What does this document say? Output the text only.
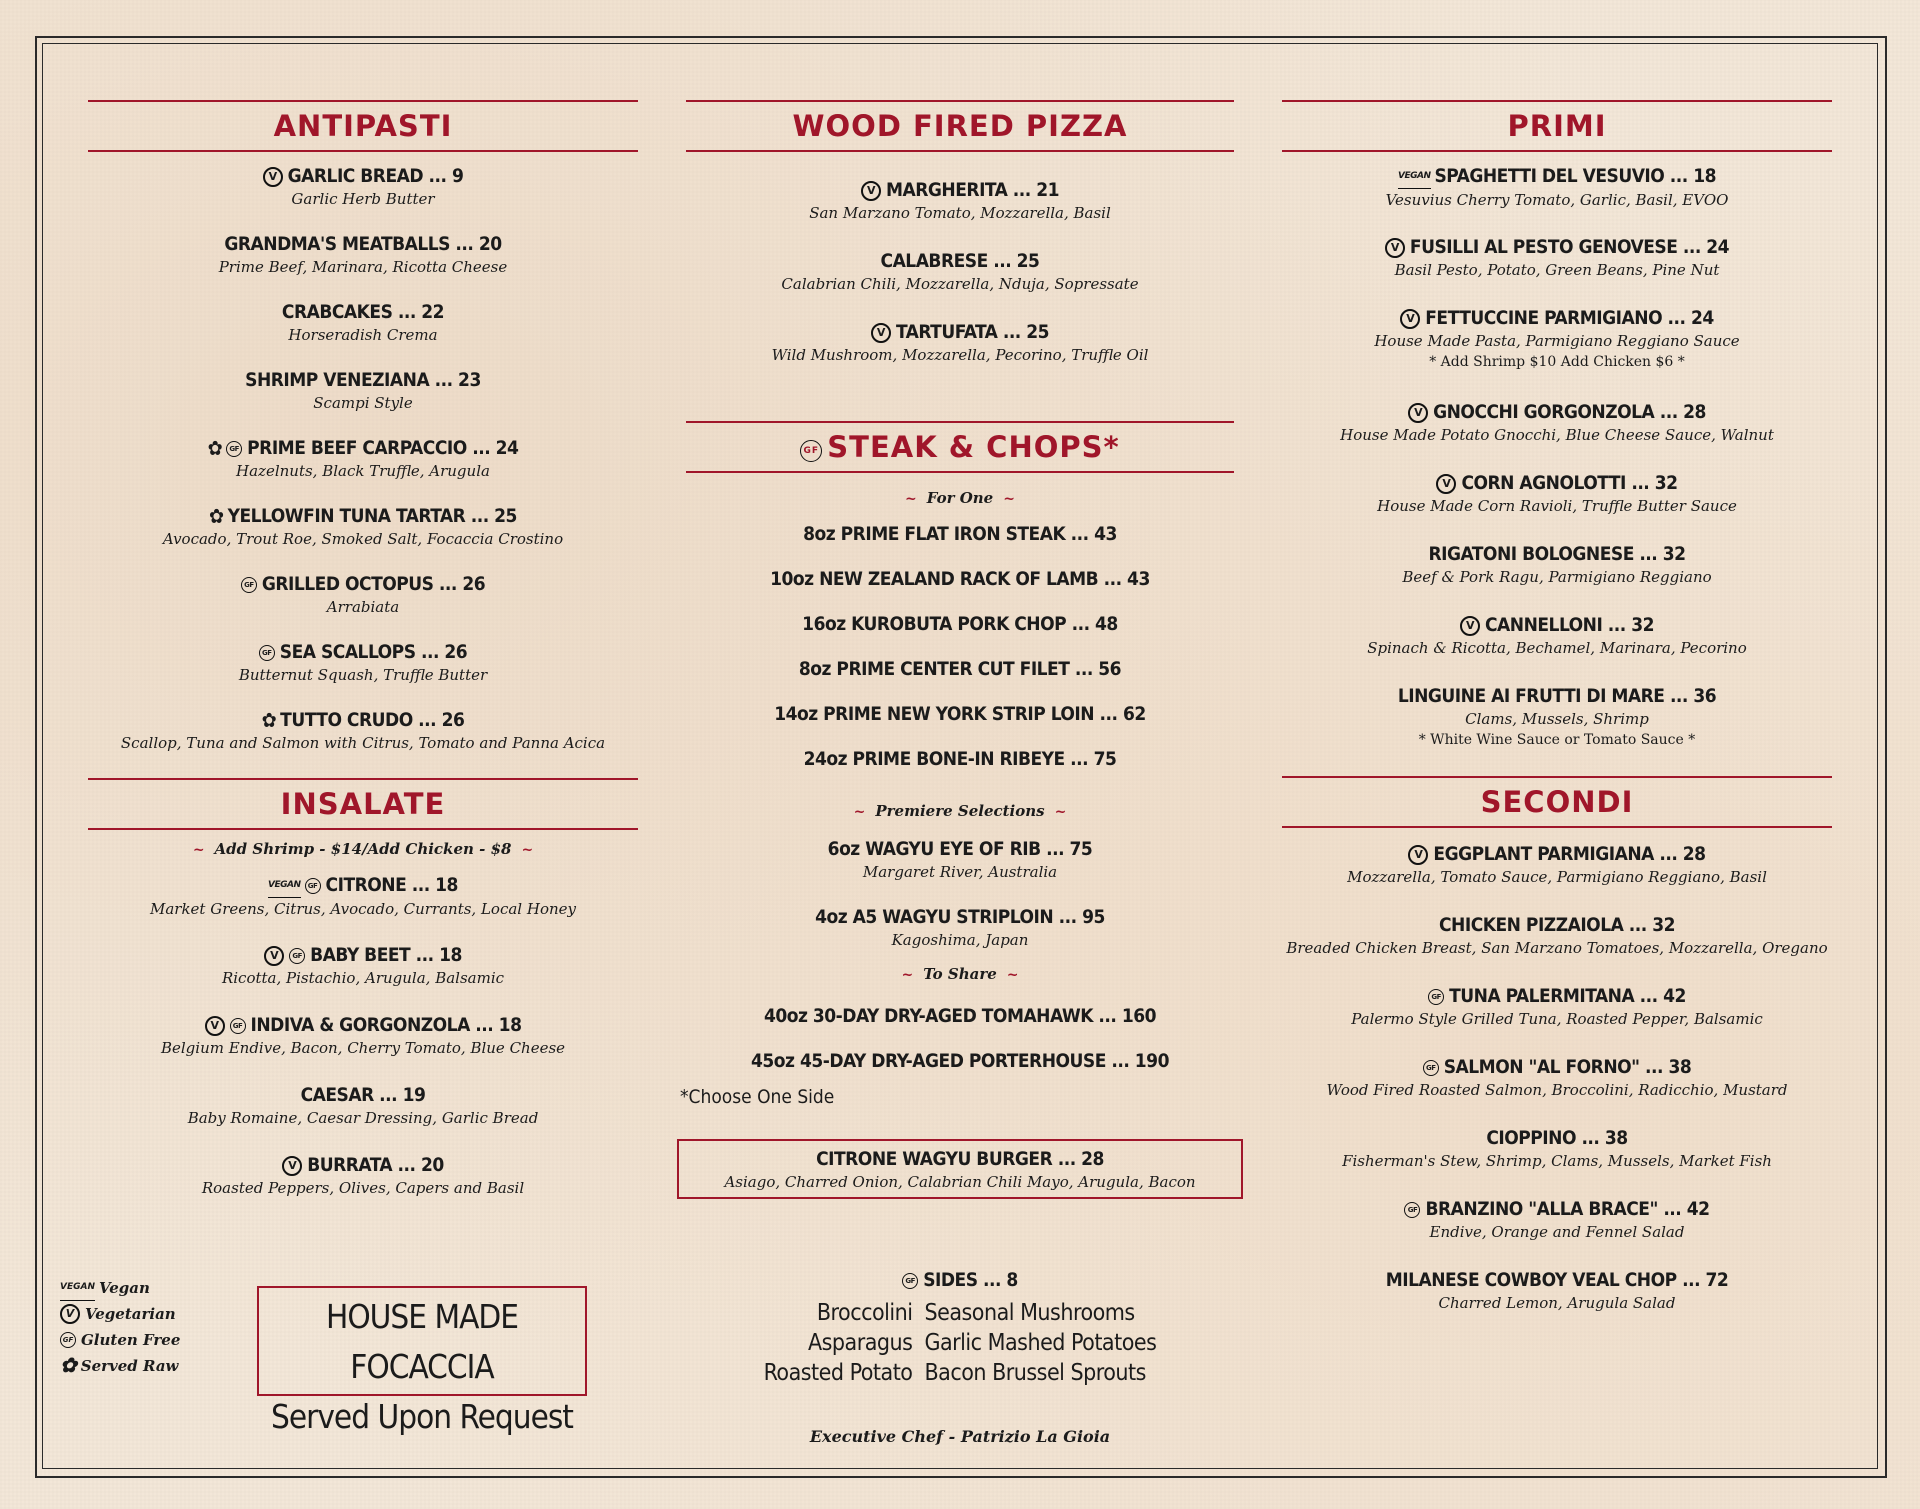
ANTIPASTI
V GARLIC BREAD ... 9
Garlic Herb Butter
GRANDMA'S MEATBALLS ... 20
Prime Beef, Marinara, Ricotta Cheese
CRABCAKES ... 22
Horseradish Crema
SHRIMP VENEZIANA ... 23
Scampi Style
✿ GF PRIME BEEF CARPACCIO ... 24
Hazelnuts, Black Truffle, Arugula
✿ YELLOWFIN TUNA TARTAR ... 25
Avocado, Trout Roe, Smoked Salt, Focaccia Crostino
GF GRILLED OCTOPUS ... 26
Arrabiata
GF SEA SCALLOPS ... 26
Butternut Squash, Truffle Butter
✿ TUTTO CRUDO ... 26
Scallop, Tuna and Salmon with Citrus, Tomato and Panna Acica
INSALATE
~ Add Shrimp - $14/Add Chicken - $8 ~
VEGAN GF CITRONE ... 18
Market Greens, Citrus, Avocado, Currants, Local Honey
V GF BABY BEET ... 18
Ricotta, Pistachio, Arugula, Balsamic
V GF INDIVA & GORGONZOLA ... 18
Belgium Endive, Bacon, Cherry Tomato, Blue Cheese
CAESAR ... 19
Baby Romaine, Caesar Dressing, Garlic Bread
V BURRATA ... 20
Roasted Peppers, Olives, Capers and Basil
VEGAN Vegan
V Vegetarian
GF Gluten Free
✿ Served Raw
HOUSE MADE FOCACCIA
Served Upon Request
WOOD FIRED PIZZA
V MARGHERITA ... 21
San Marzano Tomato, Mozzarella, Basil
CALABRESE ... 25
Calabrian Chili, Mozzarella, Nduja, Sopressate
V TARTUFATA ... 25
Wild Mushroom, Mozzarella, Pecorino, Truffle Oil
GF STEAK & CHOPS*
~ For One ~
8oz PRIME FLAT IRON STEAK ... 43
10oz NEW ZEALAND RACK OF LAMB ... 43
16oz KUROBUTA PORK CHOP ... 48
8oz PRIME CENTER CUT FILET ... 56
14oz PRIME NEW YORK STRIP LOIN ... 62
24oz PRIME BONE-IN RIBEYE ... 75
~ Premiere Selections ~
6oz WAGYU EYE OF RIB ... 75
Margaret River, Australia
4oz A5 WAGYU STRIPLOIN ... 95
Kagoshima, Japan
~ To Share ~
40oz 30-DAY DRY-AGED TOMAHAWK ... 160
45oz 45-DAY DRY-AGED PORTERHOUSE ... 190
*Choose One Side
CITRONE WAGYU BURGER ... 28
Asiago, Charred Onion, Calabrian Chili Mayo, Arugula, Bacon
GF SIDES ... 8
Broccolini
Asparagus
Roasted Potato
Seasonal Mushrooms
Garlic Mashed Potatoes
Bacon Brussel Sprouts
Executive Chef - Patrizio La Gioia
PRIMI
VEGAN SPAGHETTI DEL VESUVIO ... 18
Vesuvius Cherry Tomato, Garlic, Basil, EVOO
V FUSILLI AL PESTO GENOVESE ... 24
Basil Pesto, Potato, Green Beans, Pine Nut
V FETTUCCINE PARMIGIANO ... 24
House Made Pasta, Parmigiano Reggiano Sauce
* Add Shrimp $10 Add Chicken $6 *
V GNOCCHI GORGONZOLA ... 28
House Made Potato Gnocchi, Blue Cheese Sauce, Walnut
V CORN AGNOLOTTI ... 32
House Made Corn Ravioli, Truffle Butter Sauce
RIGATONI BOLOGNESE ... 32
Beef & Pork Ragu, Parmigiano Reggiano
V CANNELLONI ... 32
Spinach & Ricotta, Bechamel, Marinara, Pecorino
LINGUINE AI FRUTTI DI MARE ... 36
Clams, Mussels, Shrimp
* White Wine Sauce or Tomato Sauce *
SECONDI
V EGGPLANT PARMIGIANA ... 28
Mozzarella, Tomato Sauce, Parmigiano Reggiano, Basil
CHICKEN PIZZAIOLA ... 32
Breaded Chicken Breast, San Marzano Tomatoes, Mozzarella, Oregano
GF TUNA PALERMITANA ... 42
Palermo Style Grilled Tuna, Roasted Pepper, Balsamic
GF SALMON "AL FORNO" ... 38
Wood Fired Roasted Salmon, Broccolini, Radicchio, Mustard
CIOPPINO ... 38
Fisherman's Stew, Shrimp, Clams, Mussels, Market Fish
GF BRANZINO "ALLA BRACE" ... 42
Endive, Orange and Fennel Salad
MILANESE COWBOY VEAL CHOP ... 72
Charred Lemon, Arugula Salad
